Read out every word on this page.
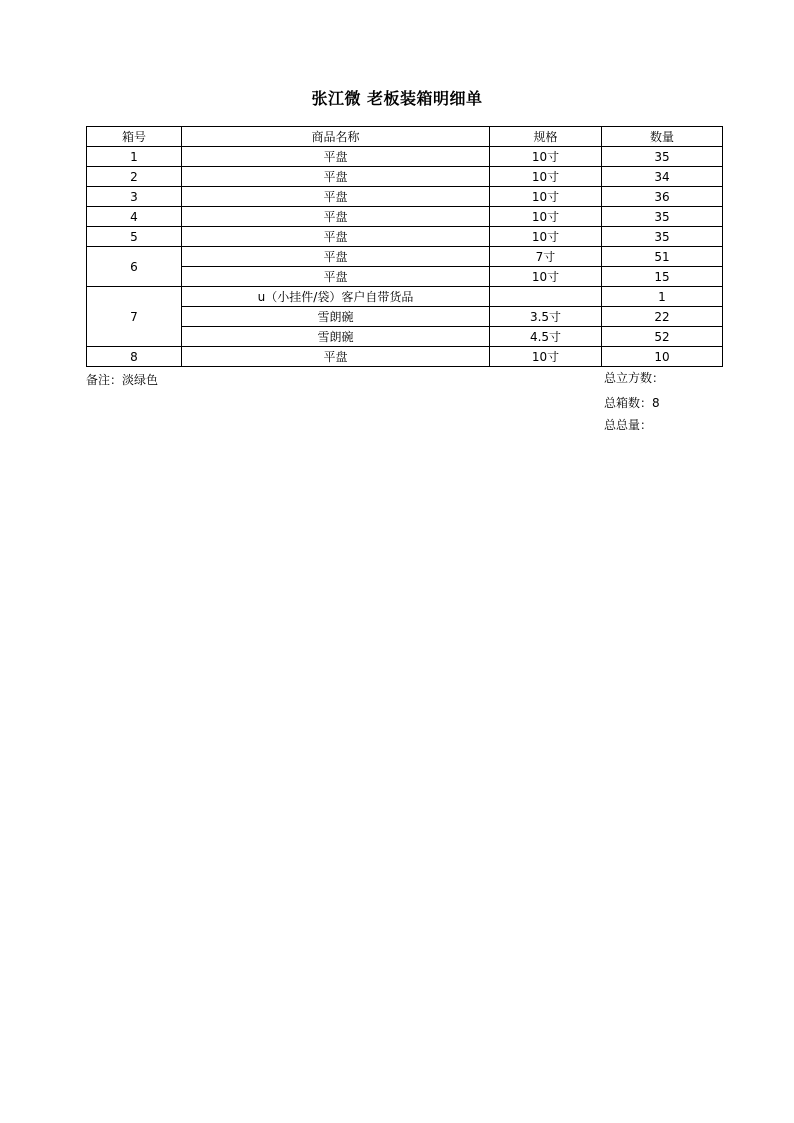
张江微 老板装箱明细单
箱号	商品名称	规格	数量
1	平盘	10寸	35
2	平盘	10寸	34
3	平盘	10寸	36
4	平盘	10寸	35
5	平盘	10寸	35
6	平盘	7寸	51
	平盘	10寸	15
7	u（小挂件/袋）客户自带货品		1
	雪朗碗	3.5寸	22
	雪朗碗	4.5寸	52
8	平盘	10寸	10
备注：淡绿色	总立方数：
总箱数：8
总总量：
